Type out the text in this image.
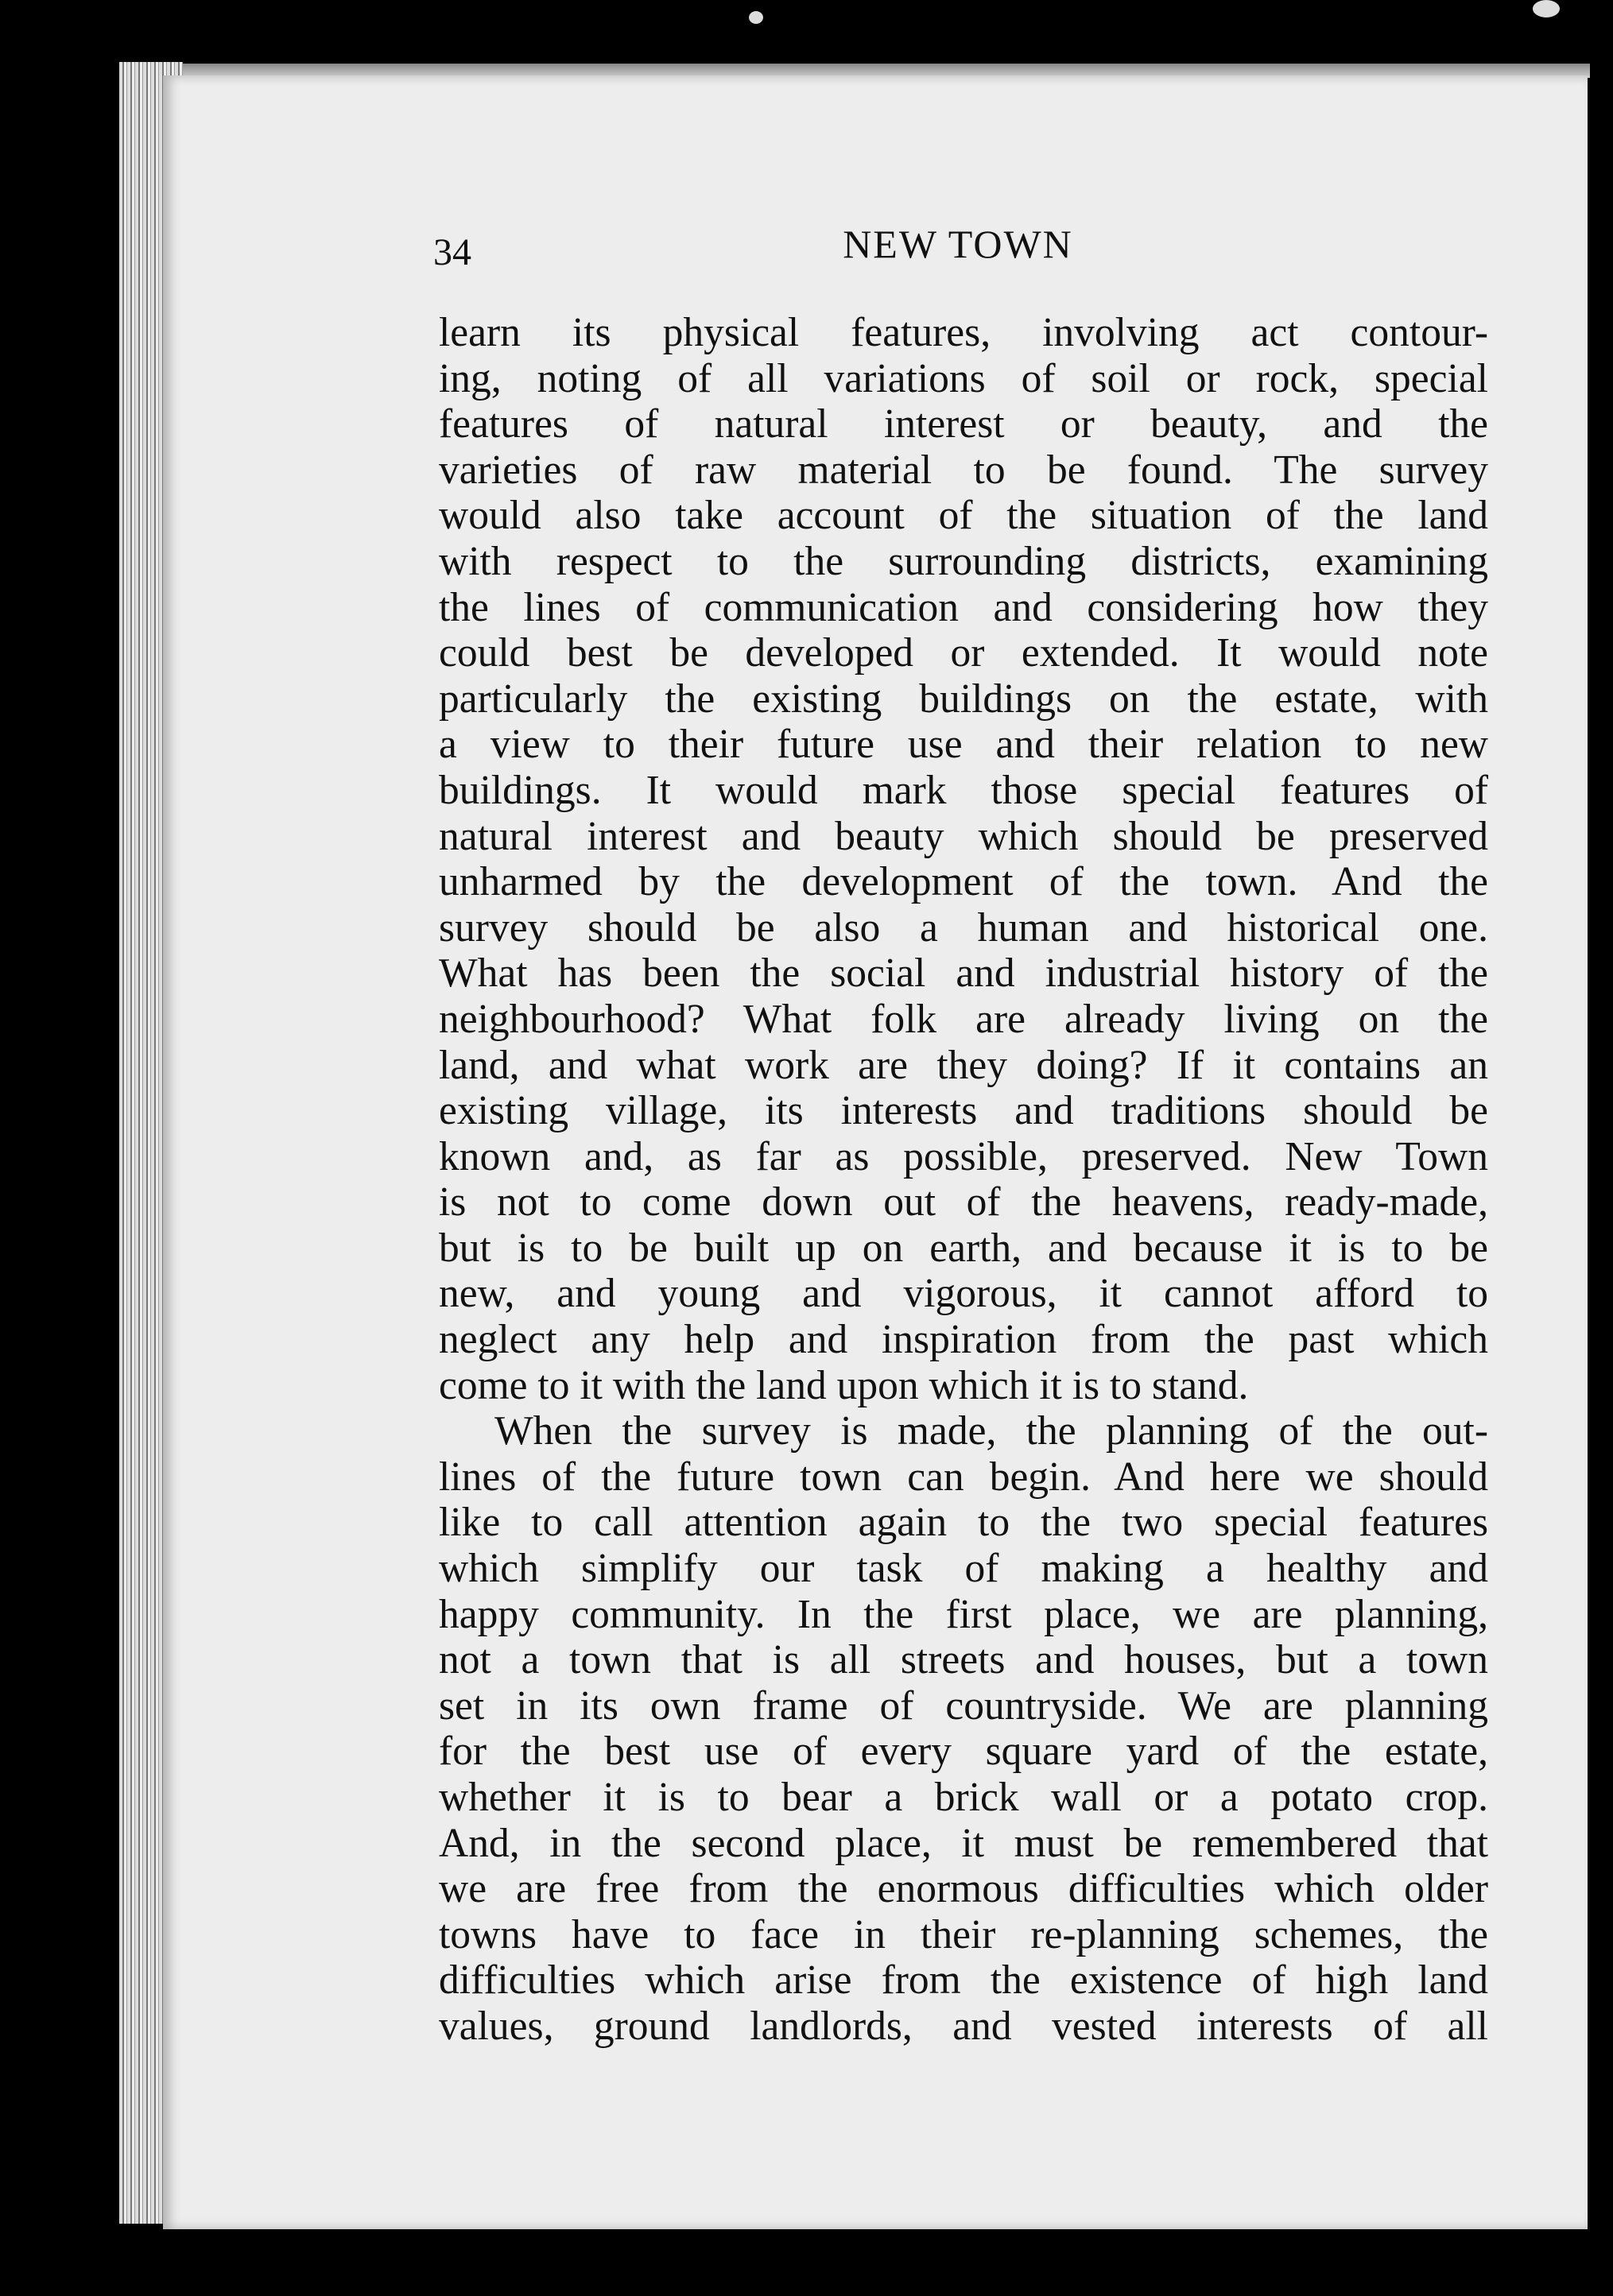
34	NEW TOWN
learn its physical features, involving act contour-
ing, noting of all variations of soil or rock, special
features of natural interest or beauty, and the
varieties of raw material to be found. The survey
would also take account of the situation of the land
with respect to the surrounding districts, examining
the lines of communication and considering how they
could best be developed or extended. It would note
particularly the existing buildings on the estate, with
a view to their future use and their relation to new
buildings. It would mark those special features of
natural interest and beauty which should be preserved
unharmed by the development of the town. And the
survey should be also a human and historical one.
What has been the social and industrial history of the
neighbourhood? What folk are already living on the
land, and what work are they doing? If it contains an
existing village, its interests and traditions should be
known and, as far as possible, preserved. New Town
is not to come down out of the heavens, ready-made,
but is to be built up on earth, and because it is to be
new, and young and vigorous, it cannot afford to
neglect any help and inspiration from the past which
come to it with the land upon which it is to stand.
When the survey is made, the planning of the out-
lines of the future town can begin. And here we should
like to call attention again to the two special features
which simplify our task of making a healthy and
happy community. In the first place, we are planning,
not a town that is all streets and houses, but a town
set in its own frame of countryside. We are planning
for the best use of every square yard of the estate,
whether it is to bear a brick wall or a potato crop.
And, in the second place, it must be remembered that
we are free from the enormous difficulties which older
towns have to face in their re-planning schemes, the
difficulties which arise from the existence of high land
values, ground landlords, and vested interests of all
